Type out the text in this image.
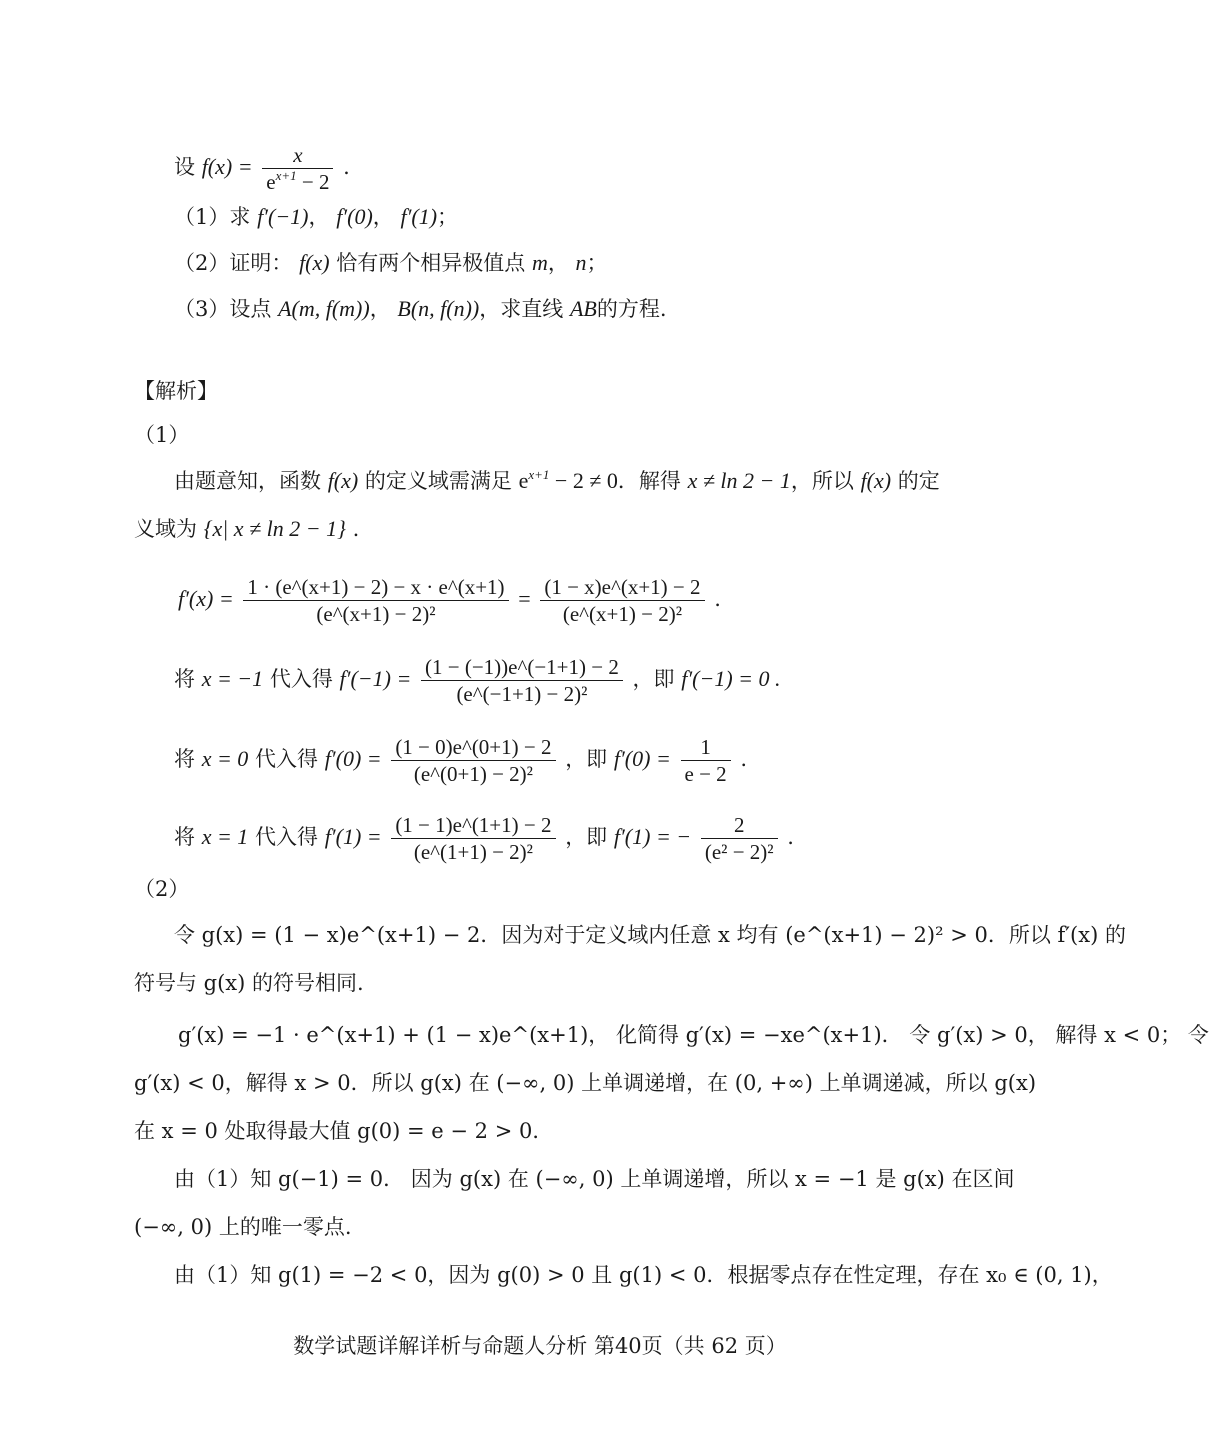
设 $f(x) = \frac{x}{e^{x+1} - 2}$ .
（1）求 f′(−1)， f′(0)， f′(1)；
（2）证明： f(x) 恰有两个相异极值点 m， n；
（3）设点 A(m, f(m))， B(n, f(n))，求直线 AB的方程.
【解析】
（1）
由题意知，函数 f(x) 的定义域需满足 $e^{x+1} - 2 \ne 0$．解得 x ≠ ln 2 − 1，所以 f(x) 的定
义域为 {x| x ≠ ln 2 − 1} .
$f'(x) = \frac{1 \cdot (e\^{}(x+1) - 2) - x \cdot e\^{}(x+1)}{\text{(e\textasciicircum{}(x+1) − 2)²}} = \frac{(1 - x)e\^{}(x+1) - 2}{\text{(e\textasciicircum{}(x+1) − 2)²}}$ .
将 x = −1 代入得 $f'(-1) = \frac{(1 - (-1))e\^{}(-1+1) - 2}{\text{(e\textasciicircum{}(−1+1) − 2)²}}$ ，即 f′(−1) = 0 .
将 x = 0 代入得 $f'(0) = \frac{(1 - 0)e\^{}(0+1) - 2}{\text{(e\textasciicircum{}(0+1) − 2)²}}$ ，即 $f'(0) = \frac{1}{e - 2}$ .
将 x = 1 代入得 $f'(1) = \frac{(1 - 1)e\^{}(1+1) - 2}{\text{(e\textasciicircum{}(1+1) − 2)²}}$ ，即 f′(1) = − $\frac{2}{\text{(e² − 2)²}}$ .
（2）
令 g(x) = (1 − x)e^(x+1) − 2．因为对于定义域内任意 x 均有 (e^(x+1) − 2)² > 0．所以 f′(x) 的
符号与 g(x) 的符号相同.
g′(x) = −1 · e^(x+1) + (1 − x)e^(x+1)， 化简得 g′(x) = −xe^(x+1)． 令 g′(x) > 0， 解得 x < 0； 令
g′(x) < 0，解得 x > 0．所以 g(x) 在 (−∞, 0) 上单调递增，在 (0, +∞) 上单调递减，所以 g(x)
在 x = 0 处取得最大值 g(0) = e − 2 > 0．
由（1）知 g(−1) = 0． 因为 g(x) 在 (−∞, 0) 上单调递增，所以 x = −1 是 g(x) 在区间
(−∞, 0) 上的唯一零点.
由（1）知 g(1) = −2 < 0，因为 g(0) > 0 且 g(1) < 0．根据零点存在性定理，存在 x₀ ∈ (0, 1)，
数学试题详解详析与命题人分析 第40页（共 62 页）
